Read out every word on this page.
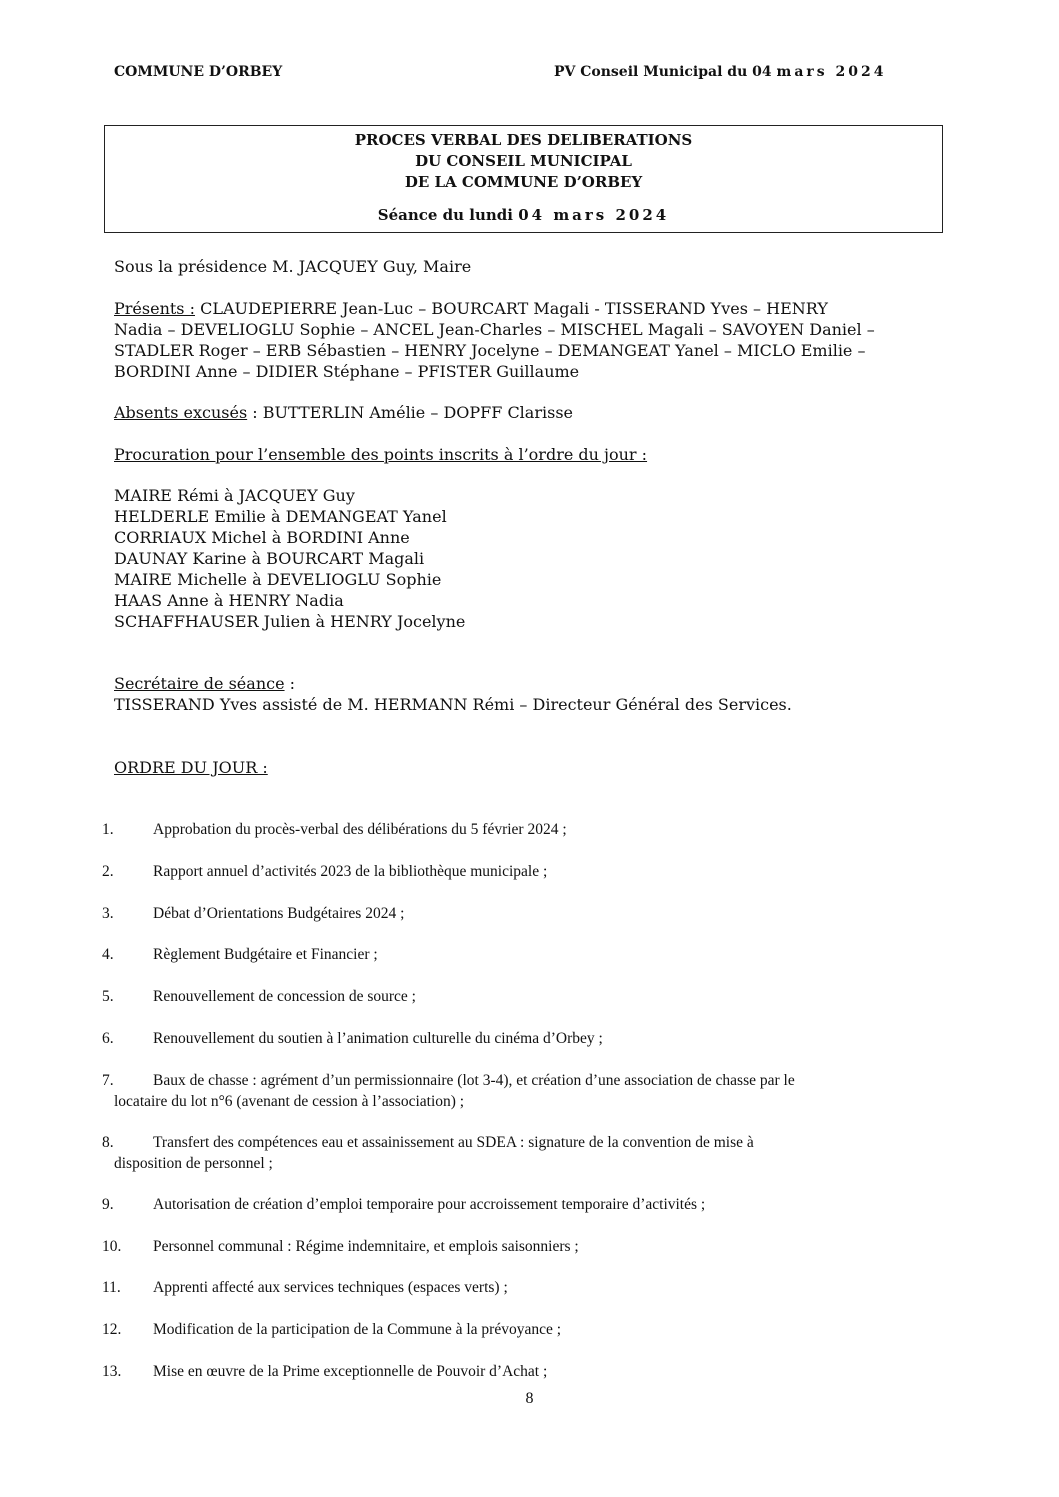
COMMUNE D’ORBEY	PV Conseil Municipal du 04 mars 2024
PROCES VERBAL DES DELIBERATIONS
DU CONSEIL MUNICIPAL
DE LA COMMUNE D’ORBEY
Séance du lundi 04 mars 2024
Sous la présidence M. JACQUEY Guy, Maire
Présents : CLAUDEPIERRE Jean-Luc – BOURCART Magali - TISSERAND Yves – HENRY
Nadia – DEVELIOGLU Sophie – ANCEL Jean-Charles – MISCHEL Magali – SAVOYEN Daniel –
STADLER Roger – ERB Sébastien – HENRY Jocelyne – DEMANGEAT Yanel – MICLO Emilie –
BORDINI Anne – DIDIER Stéphane – PFISTER Guillaume
Absents excusés : BUTTERLIN Amélie – DOPFF Clarisse
Procuration pour l’ensemble des points inscrits à l’ordre du jour :
MAIRE Rémi à JACQUEY Guy
HELDERLE Emilie à DEMANGEAT Yanel
CORRIAUX Michel à BORDINI Anne
DAUNAY Karine à BOURCART Magali
MAIRE Michelle à DEVELIOGLU Sophie
HAAS Anne à HENRY Nadia
SCHAFFHAUSER Julien à HENRY Jocelyne
Secrétaire de séance :
TISSERAND Yves assisté de M. HERMANN Rémi – Directeur Général des Services.
ORDRE DU JOUR :
1.	Approbation du procès-verbal des délibérations du 5 février 2024 ;
2.	Rapport annuel d’activités 2023 de la bibliothèque municipale ;
3.	Débat d’Orientations Budgétaires 2024 ;
4.	Règlement Budgétaire et Financier ;
5.	Renouvellement de concession de source ;
6.	Renouvellement du soutien à l’animation culturelle du cinéma d’Orbey ;
7.	Baux de chasse : agrément d’un permissionnaire (lot 3-4), et création d’une association de chasse par le
locataire du lot n°6 (avenant de cession à l’association) ;
8.	Transfert des compétences eau et assainissement au SDEA : signature de la convention de mise à
disposition de personnel ;
9.	Autorisation de création d’emploi temporaire pour accroissement temporaire d’activités ;
10.	Personnel communal : Régime indemnitaire, et emplois saisonniers ;
11.	Apprenti affecté aux services techniques (espaces verts) ;
12.	Modification de la participation de la Commune à la prévoyance ;
13.	Mise en œuvre de la Prime exceptionnelle de Pouvoir d’Achat ;
8
